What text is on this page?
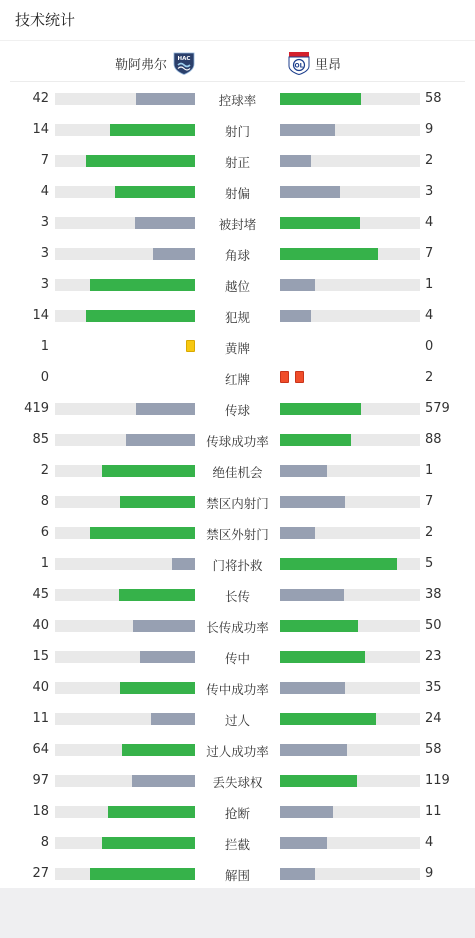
技术统计
勒阿弗尔 HAC
OL 里昂
42	控球率	58
14	射门	9
7	射正	2
4	射偏	3
3	被封堵	4
3	角球	7
3	越位	1
14	犯规	4
1	黄牌	0
0	红牌	2
419	传球	579
85	传球成功率	88
2	绝佳机会	1
8	禁区内射门	7
6	禁区外射门	2
1	门将扑救	5
45	长传	38
40	长传成功率	50
15	传中	23
40	传中成功率	35
11	过人	24
64	过人成功率	58
97	丢失球权	119
18	抢断	11
8	拦截	4
27	解围	9
